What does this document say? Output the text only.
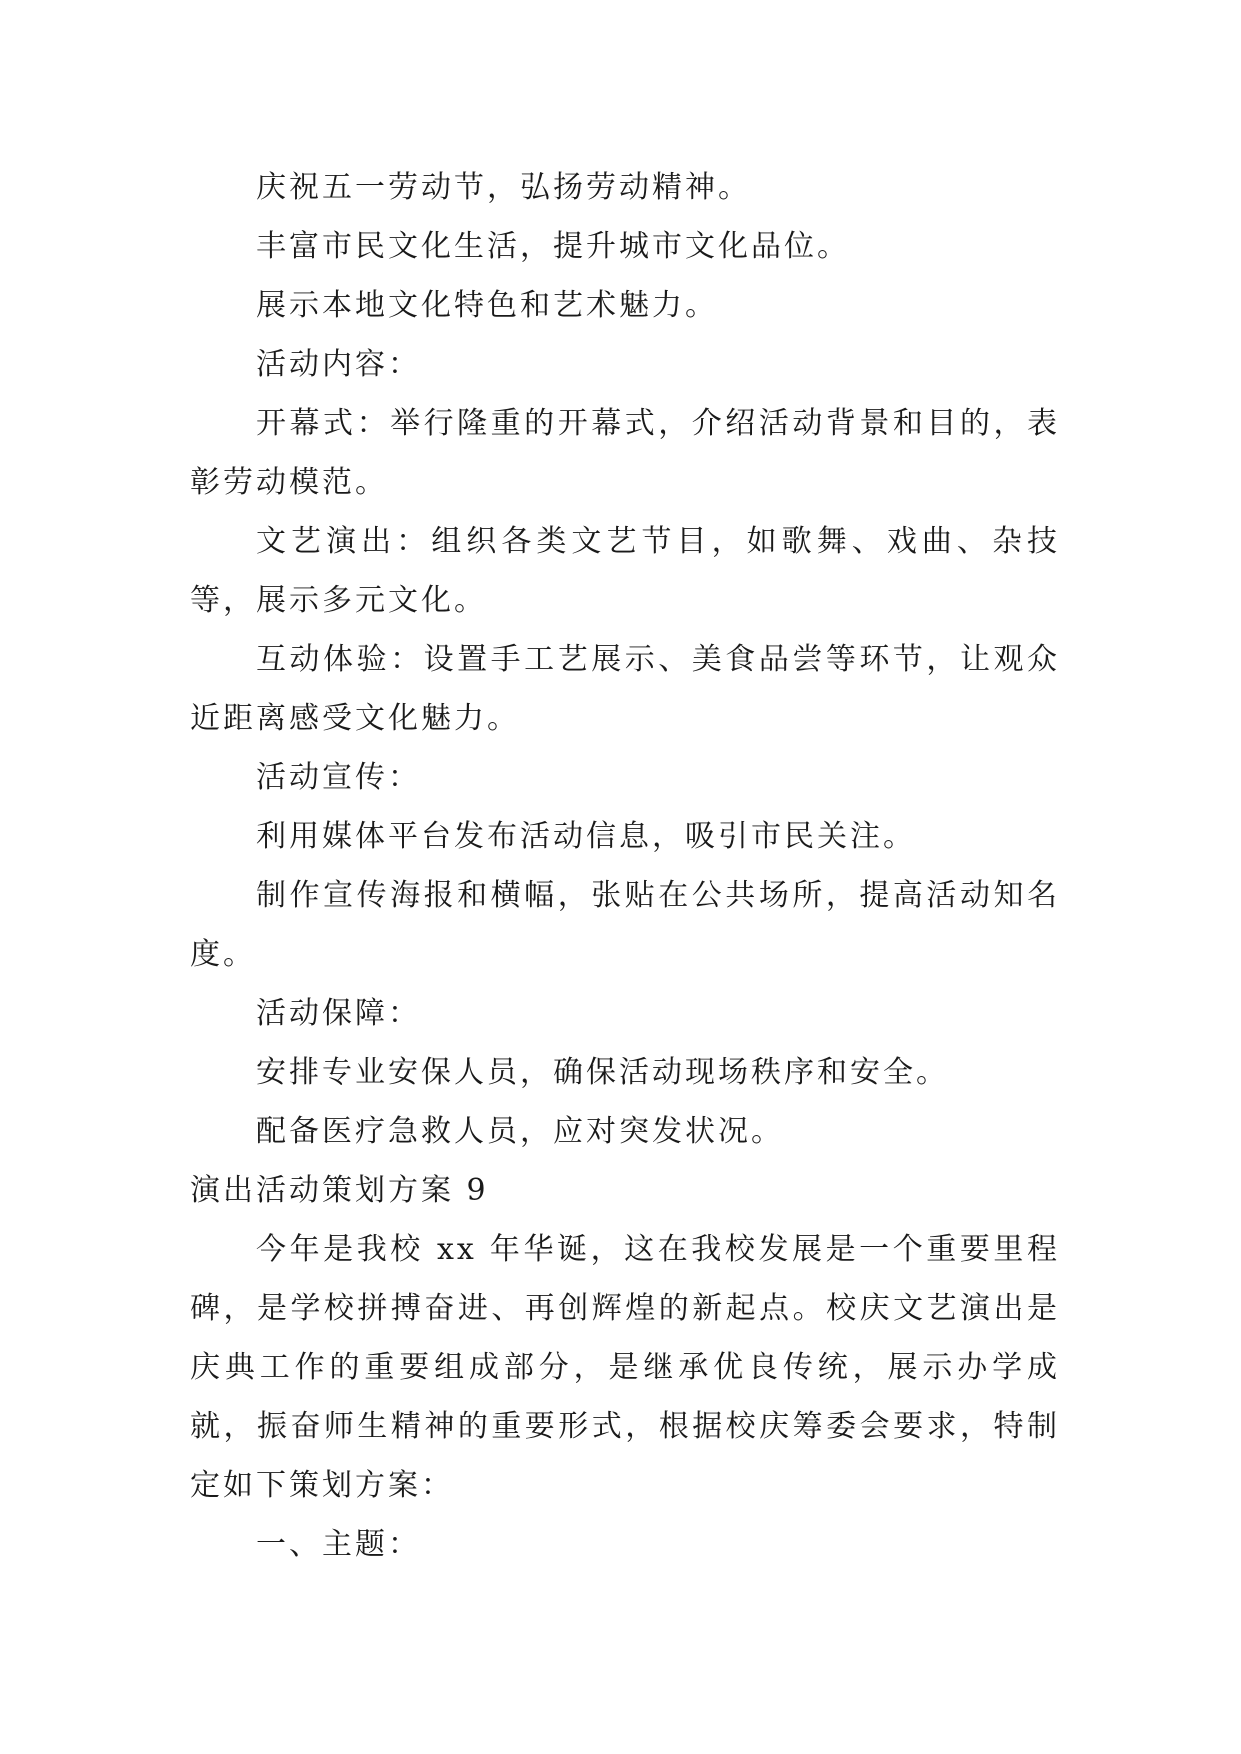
庆祝五一劳动节，弘扬劳动精神。

丰富市民文化生活，提升城市文化品位。

展示本地文化特色和艺术魅力。

活动内容：

开幕式：举行隆重的开幕式，介绍活动背景和目的，表彰劳动模范。

文艺演出：组织各类文艺节目，如歌舞、戏曲、杂技等，展示多元文化。

互动体验：设置手工艺展示、美食品尝等环节，让观众近距离感受文化魅力。

活动宣传：

利用媒体平台发布活动信息，吸引市民关注。

制作宣传海报和横幅，张贴在公共场所，提高活动知名度。

活动保障：

安排专业安保人员，确保活动现场秩序和安全。

配备医疗急救人员，应对突发状况。

演出活动策划方案 9

今年是我校 xx 年华诞，这在我校发展是一个重要里程碑，是学校拼搏奋进、再创辉煌的新起点。校庆文艺演出是庆典工作的重要组成部分，是继承优良传统，展示办学成就，振奋师生精神的重要形式，根据校庆筹委会要求，特制定如下策划方案：

一、主题：
